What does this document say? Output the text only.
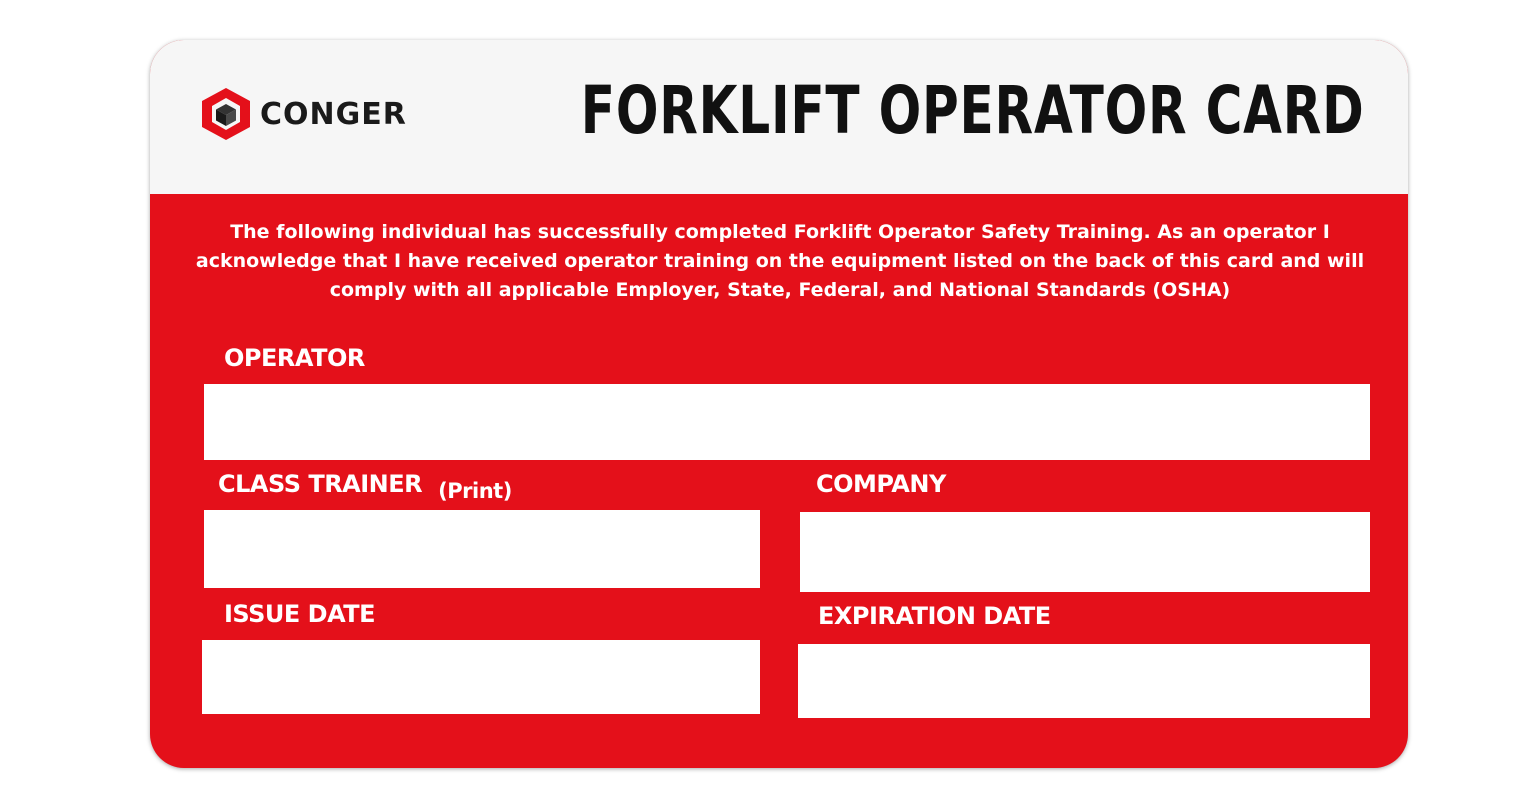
CONGER	FORKLIFT OPERATOR CARD
The following individual has successfully completed Forklift Operator Safety Training. As an operator I acknowledge that I have received operator training on the equipment listed on the back of this card and will comply with all applicable Employer, State, Federal, and National Standards (OSHA)
OPERATOR
CLASS TRAINER (Print)	COMPANY
ISSUE DATE	EXPIRATION DATE
